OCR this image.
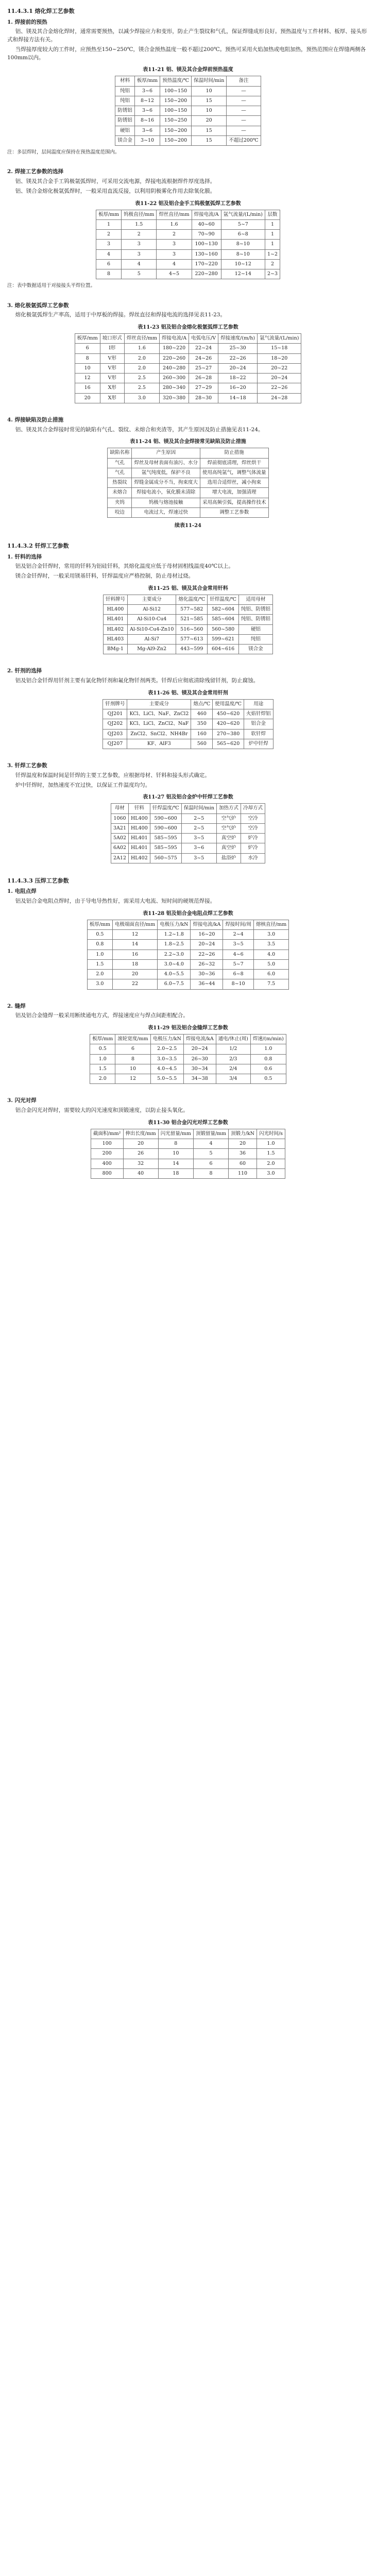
11.4.3.1 熔化焊工艺参数
1. 焊接前的预热

铝、镁及其合金熔化焊时，通常需要预热，以减少焊接应力和变形，防止产生裂纹和气孔，保证焊缝成形良好。预热温度与工件材料、板厚、接头形式和焊接方法有关。

当焊接厚度较大的工件时，应预热至150~250℃，镁合金预热温度一般不超过200℃。预热可采用火焰加热或电阻加热，预热范围应在焊缝两侧各100mm以内。

表11-21 铝、镁及其合金焊前预热温度
材料	板厚/mm	预热温度/℃	保温时间/min	备注
纯铝	3~6	100~150	10	—
纯铝	8~12	150~200	15	—
防锈铝	3~6	100~150	10	—
防锈铝	8~16	150~250	20	—
硬铝	3~6	150~200	15	—
镁合金	3~10	150~200	15	不超过200℃
注：多层焊时，层间温度应保持在预热温度范围内。
2. 焊接工艺参数的选择

铝、镁及其合金手工钨极氩弧焊时，可采用交流电源，焊接电流根据焊件厚度选择。

铝、镁合金熔化极氩弧焊时，一般采用直流反接，以利用阴极雾化作用去除氧化膜。

表11-22 铝及铝合金手工钨极氩弧焊工艺参数
板厚/mm	钨极直径/mm	焊丝直径/mm	焊接电流/A	氩气流量/(L/min)	层数
1	1.5	1.6	40~60	5~7	1
2	2	2	70~90	6~8	1
3	3	3	100~130	8~10	1
4	3	3	130~160	8~10	1~2
6	4	4	170~220	10~12	2
8	5	4~5	220~280	12~14	2~3
注：表中数据适用于对接接头平焊位置。
3. 熔化极氩弧焊工艺参数

熔化极氩弧焊生产率高，适用于中厚板的焊接。焊丝直径和焊接电流的选择见表11-23。

表11-23 铝及铝合金熔化极氩弧焊工艺参数
板厚/mm	坡口形式	焊丝直径/mm	焊接电流/A	电弧电压/V	焊接速度/(m/h)	氩气流量/(L/min)
6	I形	1.6	180~220	22~24	25~30	15~18
8	V形	2.0	220~260	24~26	22~26	18~20
10	V形	2.0	240~280	25~27	20~24	20~22
12	V形	2.5	260~300	26~28	18~22	20~24
16	X形	2.5	280~340	27~29	16~20	22~26
20	X形	3.0	320~380	28~30	14~18	24~28
4. 焊接缺陷及防止措施

铝、镁及其合金焊接时常见的缺陷有气孔、裂纹、未熔合和夹渣等，其产生原因及防止措施见表11-24。

表11-24 铝、镁及其合金焊接常见缺陷及防止措施
缺陷名称	产生原因	防止措施
气孔	焊丝及母材表面有油污、水分	焊前彻底清理，焊丝烘干
气孔	氩气纯度低，保护不良	使用高纯氩气，调整气体流量
热裂纹	焊缝金属成分不当，拘束度大	选用合适焊丝，减小拘束
未熔合	焊接电流小，氧化膜未清除	增大电流，加强清理
夹钨	钨极与熔池接触	采用高频引弧，提高操作技术
咬边	电流过大，焊速过快	调整工艺参数
续表11-24
11.4.3.2 钎焊工艺参数
1. 钎料的选择

铝及铝合金钎焊时，常用的钎料为铝硅钎料，其熔化温度应低于母材固相线温度40℃以上。

镁合金钎焊时，一般采用镁基钎料，钎焊温度应严格控制，防止母材过烧。

表11-25 铝、镁及其合金常用钎料
钎料牌号	主要成分	熔化温度/℃	钎焊温度/℃	适用母材
HL400	Al-Si12	577~582	582~604	纯铝、防锈铝
HL401	Al-Si10-Cu4	521~585	585~604	纯铝、防锈铝
HL402	Al-Si10-Cu4-Zn10	516~560	560~580	硬铝
HL403	Al-Si7	577~613	599~621	纯铝
BMg-1	Mg-Al9-Zn2	443~599	604~616	镁合金
2. 钎剂的选择

铝及铝合金钎焊用钎剂主要有氯化物钎剂和氟化物钎剂两类。钎焊后应彻底清除残留钎剂，防止腐蚀。

表11-26 铝、镁及其合金常用钎剂
钎剂牌号	主要成分	熔点/℃	使用温度/℃	用途
QJ201	KCl、LiCl、NaF、ZnCl2	460	450~620	火焰钎焊铝
QJ202	KCl、LiCl、ZnCl2、NaF	350	420~620	铝合金
QJ203	ZnCl2、SnCl2、NH4Br	160	270~380	软钎焊
QJ207	KF、AlF3	560	565~620	炉中钎焊
3. 钎焊工艺参数

钎焊温度和保温时间是钎焊的主要工艺参数，应根据母材、钎料和接头形式确定。

炉中钎焊时，加热速度不宜过快，以保证工件温度均匀。

表11-27 铝及铝合金炉中钎焊工艺参数
母材	钎料	钎焊温度/℃	保温时间/min	加热方式	冷却方式
1060	HL400	590~600	2~5	空气炉	空冷
3A21	HL400	590~600	2~5	空气炉	空冷
5A02	HL401	585~595	3~5	真空炉	炉冷
6A02	HL401	585~595	3~6	真空炉	炉冷
2A12	HL402	560~575	3~5	盐浴炉	水冷
11.4.3.3 压焊工艺参数
1. 电阻点焊

铝及铝合金电阻点焊时，由于导电导热性好，需采用大电流、短时间的硬规范焊接。

表11-28 铝及铝合金电阻点焊工艺参数
板厚/mm	电极端面直径/mm	电极压力/kN	焊接电流/kA	焊接时间/周	熔核直径/mm
0.5	12	1.2~1.8	16~20	2~4	3.0
0.8	14	1.8~2.5	20~24	3~5	3.5
1.0	16	2.2~3.0	22~26	4~6	4.0
1.5	18	3.0~4.0	26~32	5~7	5.0
2.0	20	4.0~5.5	30~36	6~8	6.0
3.0	22	6.0~7.5	36~44	8~10	7.5
2. 缝焊

铝及铝合金缝焊一般采用断续通电方式，焊接速度应与焊点间距相配合。

表11-29 铝及铝合金缝焊工艺参数
板厚/mm	滚轮宽度/mm	电极压力/kN	焊接电流/kA	通电/休止(周)	焊速/(m/min)
0.5	6	2.0~2.5	20~24	1/2	1.0
1.0	8	3.0~3.5	26~30	2/3	0.8
1.5	10	4.0~4.5	30~34	2/4	0.6
2.0	12	5.0~5.5	34~38	3/4	0.5
3. 闪光对焊

铝合金闪光对焊时，需要较大的闪光速度和顶锻速度，以防止接头氧化。

表11-30 铝合金闪光对焊工艺参数
截面积/mm²	伸出长度/mm	闪光留量/mm	顶锻留量/mm	顶锻力/kN	闪光时间/s
100	20	8	4	20	1.0
200	26	10	5	36	1.5
400	32	14	6	60	2.0
800	40	18	8	110	3.0
